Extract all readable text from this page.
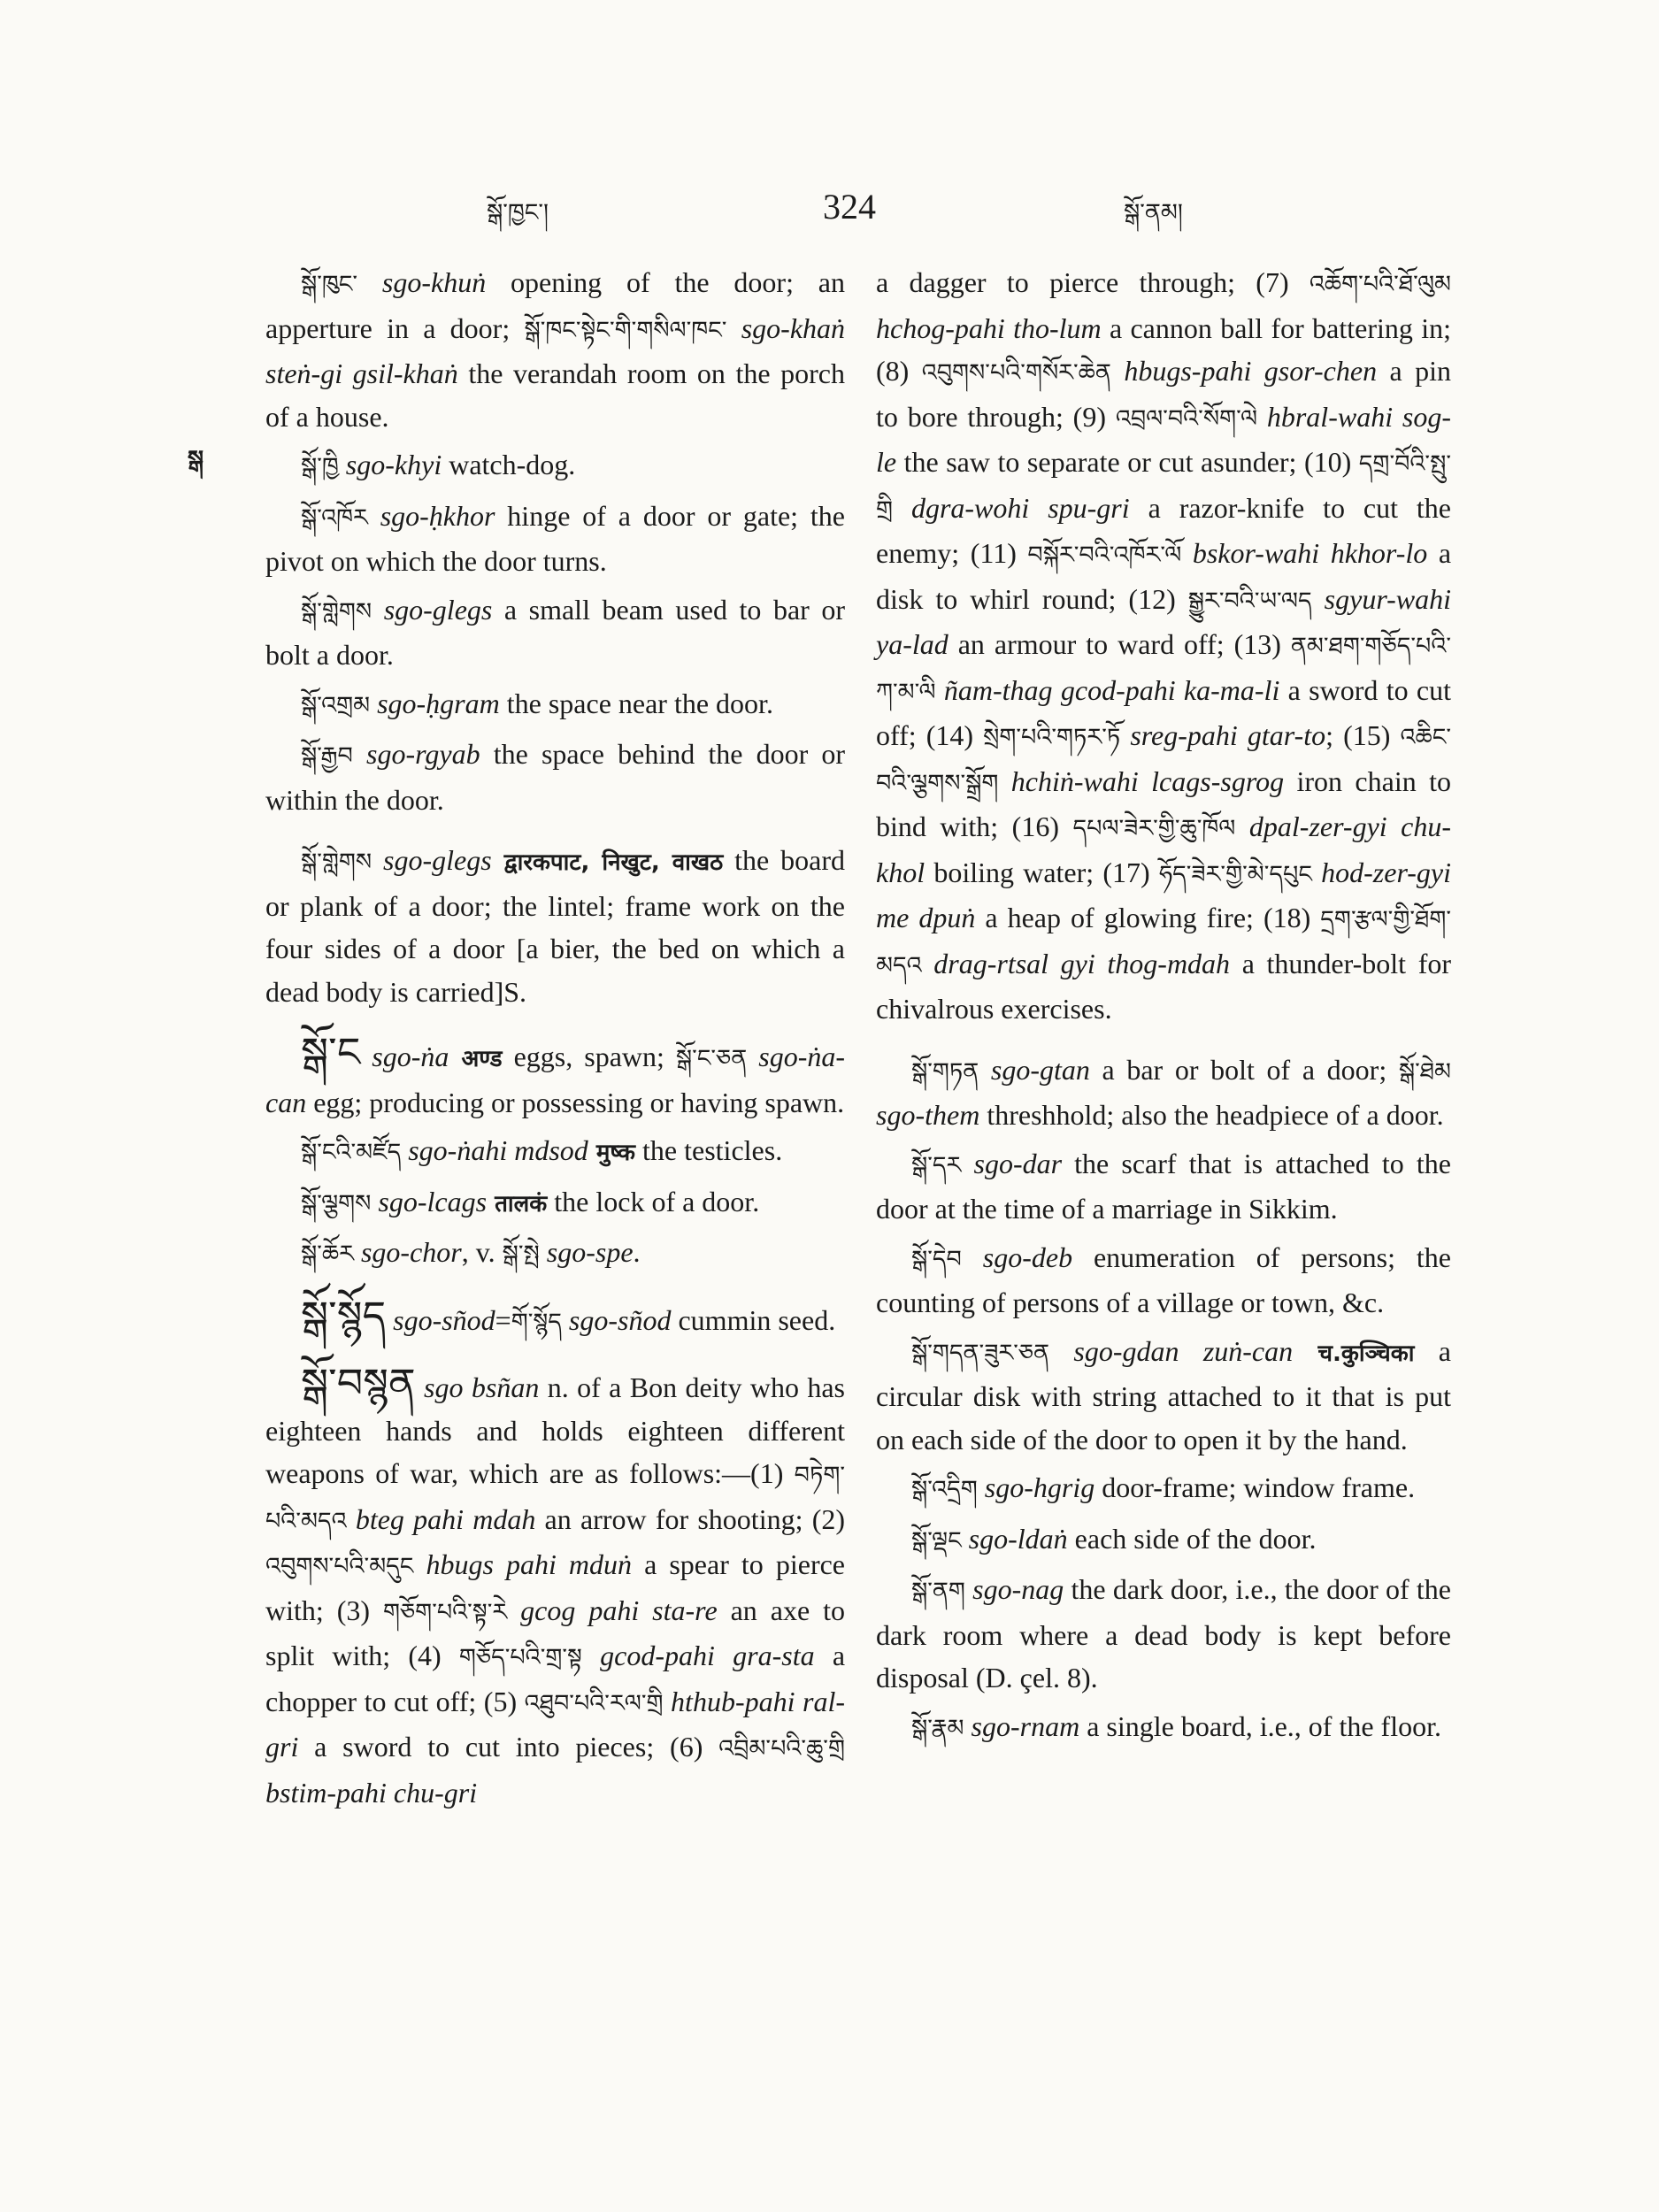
སྒོ་ཁྱང་།	324	སྒོ་ནམ།
སྒ

སྒོ་ཁུང་ sgo-khuṅ opening of the door; an apperture in a door; སྒོ་ཁང་སྟེང་གི་གསིལ་ཁང་ sgo-khaṅ steṅ-gi gsil-khaṅ the verandah room on the porch of a house.

སྒོ་ཁྱི sgo-khyi watch-dog.

སྒོ་འཁོར sgo-ḥkhor hinge of a door or gate; the pivot on which the door turns.

སྒོ་གླེགས sgo-glegs a small beam used to bar or bolt a door.

སྒོ་འགྲམ sgo-ḥgram the space near the door.

སྒོ་རྒྱབ sgo-rgyab the space behind the door or within the door.

སྒོ་གླེགས sgo-glegs द्वारकपाट, निखुट, वाखठ the board or plank of a door; the lintel; frame work on the four sides of a door [a bier, the bed on which a dead body is carried]S.

སྒོ་ང sgo-ṅa अण्ड eggs, spawn; སྒོ་ང་ཅན sgo-ṅa-can egg; producing or possessing or having spawn.

སྒོ་ངའི་མཛོད sgo-ṅahi mdsod मुष्क the testicles.

སྒོ་ལྕགས sgo-lcags तालकं the lock of a door.

སྒོ་ཆོར sgo-chor, v. སྒོ་སྤེ sgo-spe.

སྒོ་སྙོད sgo-sñod=གོ་སྙོད sgo-sñod cummin seed.

སྒོ་བསྙན sgo bsñan n. of a Bon deity who has eighteen hands and holds eighteen different weapons of war, which are as follows:—(1) བཏེག་པའི་མདའ bteg pahi mdah an arrow for shooting; (2) འབུགས་པའི་མདུང hbugs pahi mduṅ a spear to pierce with; (3) གཅོག་པའི་སྟ་རེ gcog pahi sta-re an axe to split with; (4) གཅོད་པའི་གྲ་སྟ gcod-pahi gra-sta a chopper to cut off; (5) འཐུབ་པའི་རལ་གྲི hthub-pahi ral-gri a sword to cut into pieces; (6) འབྲིམ་པའི་ཆུ་གྲི bstim-pahi chu-gri

a dagger to pierce through; (7) འཆོག་པའི་ཐོ་ལུམ hchog-pahi tho-lum a cannon ball for battering in; (8) འབུགས་པའི་གསོར་ཆེན hbugs-pahi gsor-chen a pin to bore through; (9) འབྲལ་བའི་སོག་ལེ hbral-wahi sog-le the saw to separate or cut asunder; (10) དགྲ་བོའི་སྤུ་གྲི dgra-wohi spu-gri a razor-knife to cut the enemy; (11) བསྐོར་བའི་འཁོར་ལོ bskor-wahi hkhor-lo a disk to whirl round; (12) སྒྱུར་བའི་ཡ་ལད sgyur-wahi ya-lad an armour to ward off; (13) ནམ་ཐག་གཅོད་པའི་ཀ་མ་ལི ñam-thag gcod-pahi ka-ma-li a sword to cut off; (14) སྲེག་པའི་གཏར་ཏོ sreg-pahi gtar-to; (15) འཆིང་བའི་ལྕགས་སྒྲོག hchiṅ-wahi lcags-sgrog iron chain to bind with; (16) དཔལ་ཟེར་གྱི་ཆུ་ཁོལ dpal-zer-gyi chu-khol boiling water; (17) ཧོད་ཟེར་གྱི་མེ་དཔུང hod-zer-gyi me dpuṅ a heap of glowing fire; (18) དྲག་རྩལ་གྱི་ཐོག་མདའ drag-rtsal gyi thog-mdah a thunder-bolt for chivalrous exercises.

སྒོ་གཏན sgo-gtan a bar or bolt of a door; སྒོ་ཐེམ sgo-them threshhold; also the headpiece of a door.

སྒོ་དར sgo-dar the scarf that is attached to the door at the time of a marriage in Sikkim.

སྒོ་དེབ sgo-deb enumeration of persons; the counting of persons of a village or town, &c.

སྒོ་གདན་ཟུར་ཅན sgo-gdan zuṅ-can च.कुञ्चिका a circular disk with string attached to it that is put on each side of the door to open it by the hand.

སྒོ་འདྲིག sgo-hgrig door-frame; window frame.

སྒོ་ལྡང sgo-ldaṅ each side of the door.

སྒོ་ནག sgo-nag the dark door, i.e., the door of the dark room where a dead body is kept before disposal (D. çel. 8).

སྒོ་རྣམ sgo-rnam a single board, i.e., of the floor.
